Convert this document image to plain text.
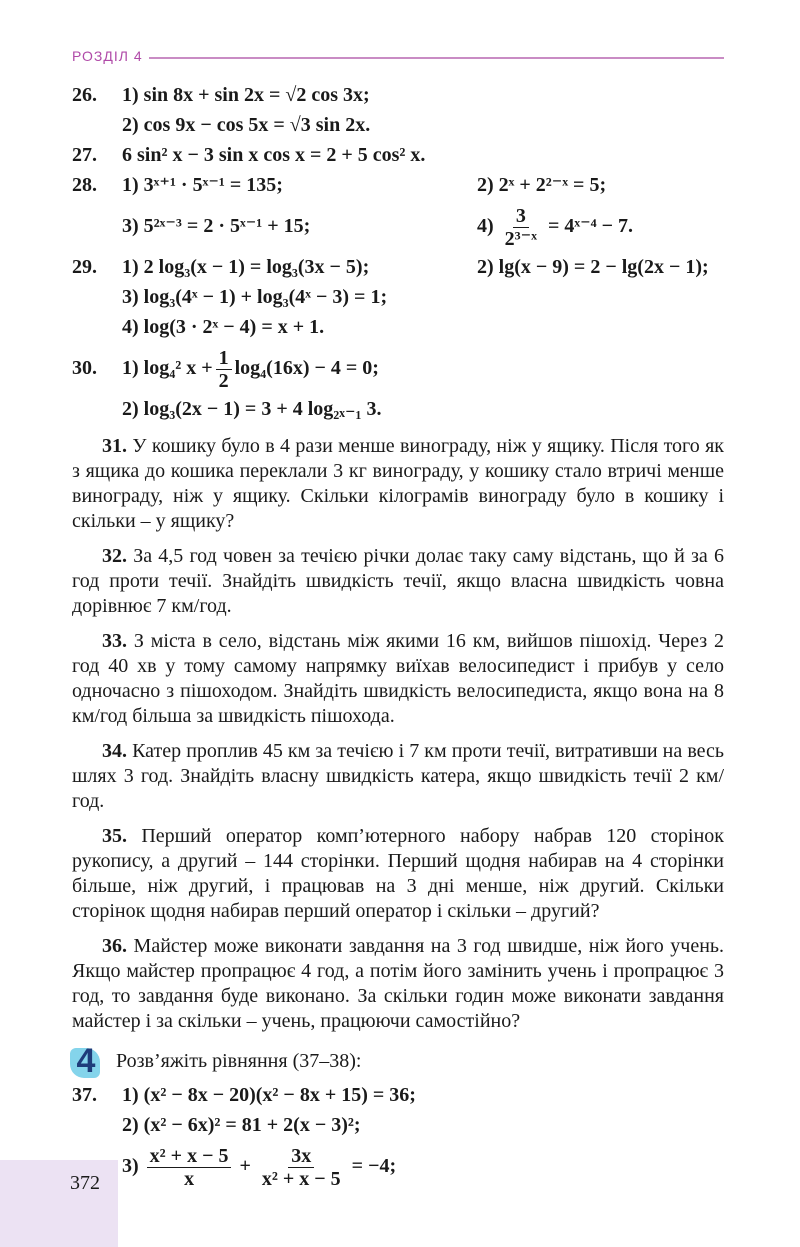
РОЗДІЛ 4
26. 1) sin 8x + sin 2x = √2 cos 3x;
2) cos 9x − cos 5x = √3 sin 2x.
27. 6 sin² x − 3 sin x cos x = 2 + 5 cos² x.
28. 1) 3ˣ⁺¹ · 5ˣ⁻¹ = 135;	2) 2ˣ + 2²⁻ˣ = 5;
3) 5²ˣ⁻³ = 2 · 5ˣ⁻¹ + 15;	$4) \frac{3}{\text{2³⁻ˣ}}$ = 4ˣ⁻⁴ − 7.
29. 1) 2 log₃(x − 1) = log₃(3x − 5);	2) lg(x − 9) = 2 − lg(2x − 1);
3) log₃(4ˣ − 1) + log₃(4ˣ − 3) = 1;
4) log(3 · 2ˣ − 4) = x + 1.
30. 1) log₄² $x + \frac{1}{2} \log_4(16x) - 4 = 0$;
2) log₃(2x − 1) = 3 + 4 log₂ₓ₋₁ 3.

31. У кошику було в 4 рази менше винограду, ніж у ящику. Після того як з ящика до кошика переклали 3 кг винограду, у кошику стало втричі менше винограду, ніж у ящику. Скільки кілограмів винограду було в кошику і скільки – у ящику?

32. За 4,5 год човен за течією річки долає таку саму відстань, що й за 6 год проти течії. Знайдіть швидкість течії, якщо власна швидкість човна дорівнює 7 км/год.

33. З міста в село, відстань між якими 16 км, вийшов пішохід. Через 2 год 40 хв у тому самому напрямку виїхав велосипедист і прибув у село одночасно з пішоходом. Знайдіть швидкість велосипедиста, якщо вона на 8 км/год більша за швидкість пішохода.

34. Катер проплив 45 км за течією і 7 км проти течії, витративши на весь шлях 3 год. Знайдіть власну швидкість катера, якщо швидкість течії 2 км/год.

35. Перший оператор комп’ютерного набору набрав 120 сторінок рукопису, а другий – 144 сторінки. Перший щодня набирав на 4 сторінки більше, ніж другий, і працював на 3 дні менше, ніж другий. Скільки сторінок щодня набирав перший оператор і скільки – другий?

36. Майстер може виконати завдання на 3 год швидше, ніж його учень. Якщо майстер пропрацює 4 год, а потім його замінить учень і пропрацює 3 год, то завдання буде виконано. За скільки годин може виконати завдання майстер і за скільки – учень, працюючи самостійно?

4 Розв’яжіть рівняння (37–38):
37. 1) (x² − 8x − 20)(x² − 8x + 15) = 36;
2) (x² − 6x)² = 81 + 2(x − 3)²;
$3) \frac{\text{x² + x − 5}}{x} + \frac{3x}{\text{x² + x − 5}} = -4$;
372
